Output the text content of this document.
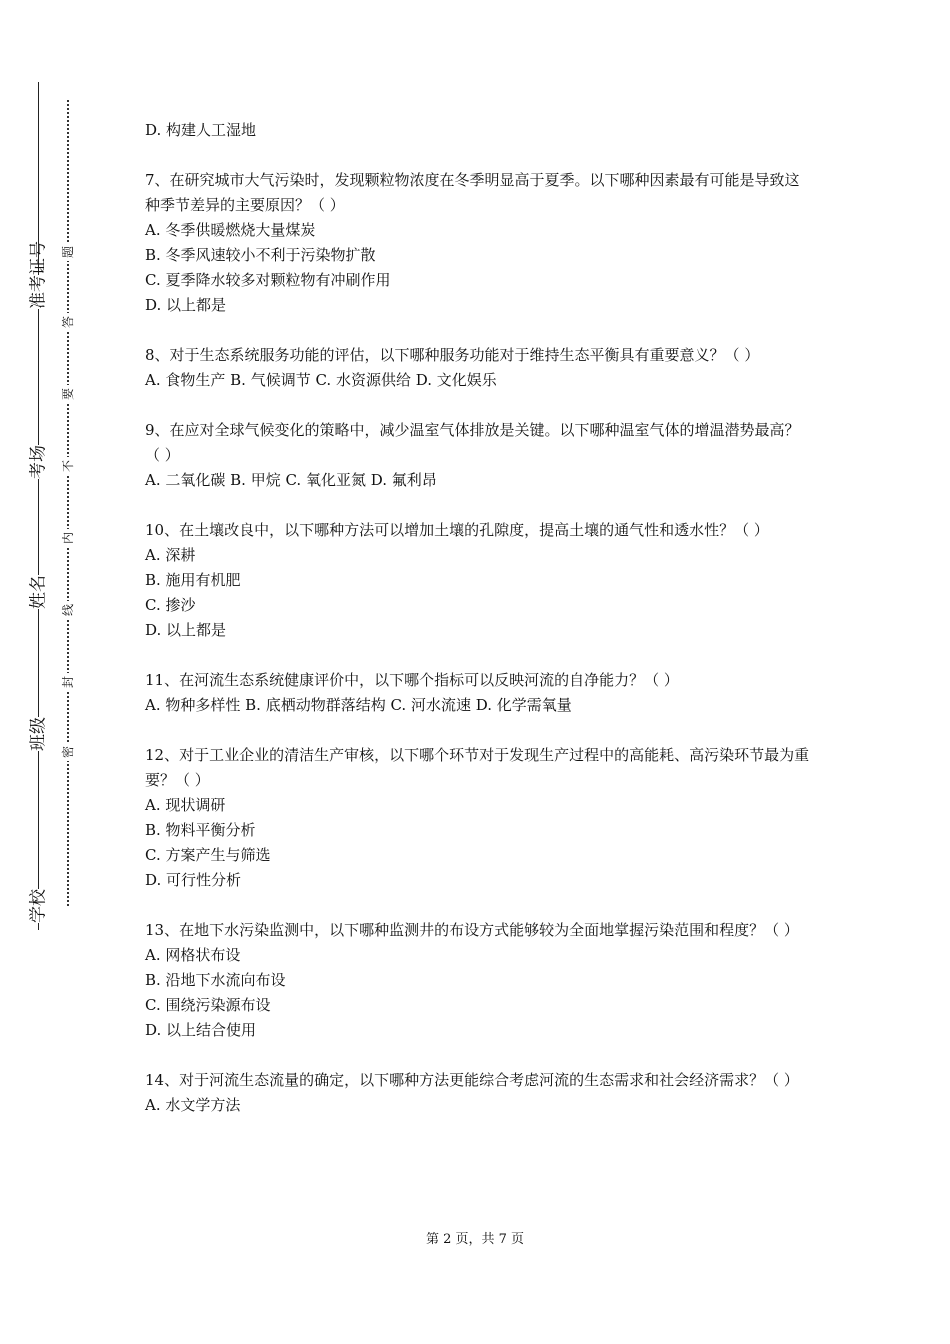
准考证号
考场
姓名
班级
学校
题
答
要
不
内
线
封
密

D. 构建人工湿地

7、在研究城市大气污染时，发现颗粒物浓度在冬季明显高于夏季。以下哪种因素最有可能是导致这种季节差异的主要原因？（ ）

A. 冬季供暖燃烧大量煤炭

B. 冬季风速较小不利于污染物扩散

C. 夏季降水较多对颗粒物有冲刷作用

D. 以上都是

8、对于生态系统服务功能的评估，以下哪种服务功能对于维持生态平衡具有重要意义？（ ）

A. 食物生产 B. 气候调节 C. 水资源供给 D. 文化娱乐

9、在应对全球气候变化的策略中，减少温室气体排放是关键。以下哪种温室气体的增温潜势最高？（ ）

A. 二氧化碳 B. 甲烷 C. 氧化亚氮 D. 氟利昂

10、在土壤改良中，以下哪种方法可以增加土壤的孔隙度，提高土壤的通气性和透水性？（ ）

A. 深耕

B. 施用有机肥

C. 掺沙

D. 以上都是

11、在河流生态系统健康评价中，以下哪个指标可以反映河流的自净能力？（ ）

A. 物种多样性 B. 底栖动物群落结构 C. 河水流速 D. 化学需氧量

12、对于工业企业的清洁生产审核，以下哪个环节对于发现生产过程中的高能耗、高污染环节最为重要？（ ）

A. 现状调研

B. 物料平衡分析

C. 方案产生与筛选

D. 可行性分析

13、在地下水污染监测中，以下哪种监测井的布设方式能够较为全面地掌握污染范围和程度？（ ）

A. 网格状布设

B. 沿地下水流向布设

C. 围绕污染源布设

D. 以上结合使用

14、对于河流生态流量的确定，以下哪种方法更能综合考虑河流的生态需求和社会经济需求？（ ）

A. 水文学方法

第 2 页，共 7 页
